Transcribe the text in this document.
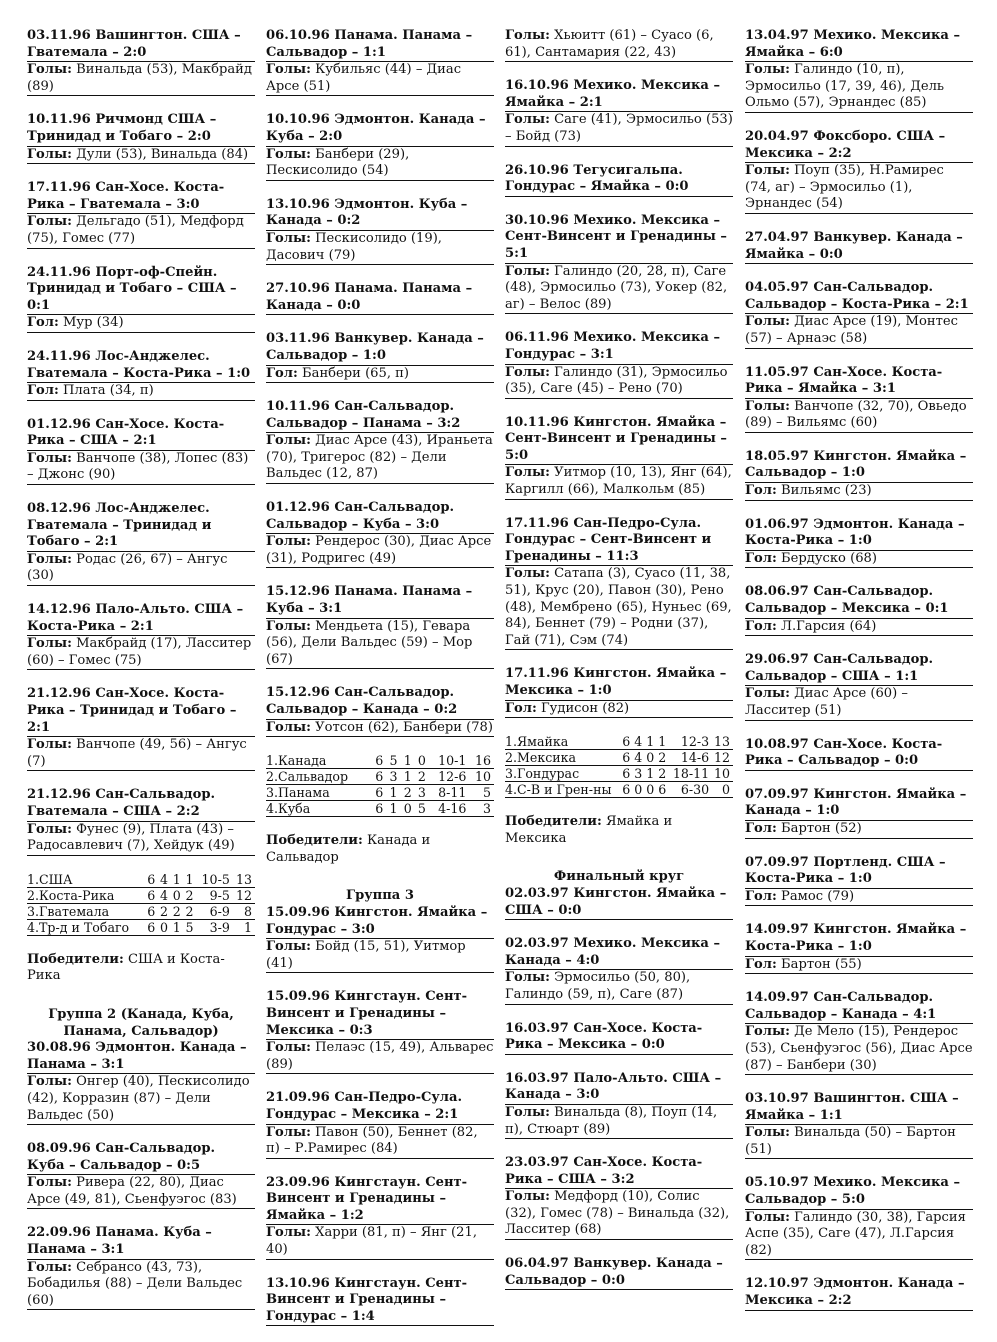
03.11.96 Вашингтон. США – Гватемала – 2:0
Голы: Винальда (53), Макбрайд (89)
10.11.96 Ричмонд США – Тринидад и Тобаго – 2:0
Голы: Дули (53), Винальда (84)
17.11.96 Сан-Хосе. Коста-Рика – Гватемала – 3:0
Голы: Дельгадо (51), Медфорд (75), Гомес (77)
24.11.96 Порт-оф-Спейн. Тринидад и Тобаго – США – 0:1
Гол: Мур (34)
24.11.96 Лос-Анджелес. Гватемала – Коста-Рика – 1:0
Гол: Плата (34, п)
01.12.96 Сан-Хосе. Коста-Рика – США – 2:1
Голы: Ванчопе (38), Лопес (83) – Джонс (90)
08.12.96 Лос-Анджелес. Гватемала – Тринидад и Тобаго – 2:1
Голы: Родас (26, 67) – Ангус (30)
14.12.96 Пало-Альто. США – Коста-Рика – 2:1
Голы: Макбрайд (17), Ласситер (60) – Гомес (75)
21.12.96 Сан-Хосе. Коста-Рика – Тринидад и Тобаго – 2:1
Голы: Ванчопе (49, 56) – Ангус (7)
21.12.96 Сан-Сальвадор. Гватемала – США – 2:2
Голы: Фунес (9), Плата (43) – Радосавлевич (7), Хейдук (49)
1.США	6	4	1	1	10-5	13
2.Коста-Рика	6	4	0	2	9-5	12
3.Гватемала	6	2	2	2	6-9	8
4.Тр-д и Тобаго	6	0	1	5	3-9	1
Победители: США и Коста-Рика
Группа 2 (Канада, Куба, Панама, Сальвадор)
30.08.96 Эдмонтон. Канада – Панама – 3:1
Голы: Онгер (40), Пескисолидо (42), Корразин (87) – Дели Вальдес (50)
08.09.96 Сан-Сальвадор. Куба – Сальвадор – 0:5
Голы: Ривера (22, 80), Диас Арсе (49, 81), Сьенфуэгос (83)
22.09.96 Панама. Куба – Панама – 3:1
Голы: Себрансо (43, 73), Бобадилья (88) – Дели Вальдес (60)
06.10.96 Панама. Панама – Сальвадор – 1:1
Голы: Кубильяс (44) – Диас Арсе (51)
10.10.96 Эдмонтон. Канада – Куба – 2:0
Голы: Банбери (29), Пескисолидо (54)
13.10.96 Эдмонтон. Куба – Канада – 0:2
Голы: Пескисолидо (19), Дасович (79)
27.10.96 Панама. Панама – Канада – 0:0
03.11.96 Ванкувер. Канада – Сальвадор – 1:0
Гол: Банбери (65, п)
10.11.96 Сан-Сальвадор. Сальвадор – Панама – 3:2
Голы: Диас Арсе (43), Ираньета (70), Тригерос (82) – Дели Вальдес (12, 87)
01.12.96 Сан-Сальвадор. Сальвадор – Куба – 3:0
Голы: Рендерос (30), Диас Арсе (31), Родригес (49)
15.12.96 Панама. Панама – Куба – 3:1
Голы: Мендьета (15), Гевара (56), Дели Вальдес (59) – Мор (67)
15.12.96 Сан-Сальвадор. Сальвадор – Канада – 0:2
Голы: Уотсон (62), Банбери (78)
1.Канада	6	5	1	0	10-1	16
2.Сальвадор	6	3	1	2	12-6	10
3.Панама	6	1	2	3	8-11	5
4.Куба	6	1	0	5	4-16	3
Победители: Канада и Сальвадор
Группа 3
15.09.96 Кингстон. Ямайка – Гондурас – 3:0
Голы: Бойд (15, 51), Уитмор (41)
15.09.96 Кингстаун. Сент-Винсент и Гренадины – Мексика – 0:3
Голы: Пелаэс (15, 49), Альварес (89)
21.09.96 Сан-Педро-Сула. Гондурас – Мексика – 2:1
Голы: Павон (50), Беннет (82, п) – Р.Рамирес (84)
23.09.96 Кингстаун. Сент-Винсент и Гренадины – Ямайка – 1:2
Голы: Харри (81, п) – Янг (21, 40)
13.10.96 Кингстаун. Сент-Винсент и Гренадины – Гондурас – 1:4
Голы: Хьюитт (61) – Суасо (6, 61), Сантамария (22, 43)
16.10.96 Мехико. Мексика – Ямайка – 2:1
Голы: Саге (41), Эрмосильо (53) – Бойд (73)
26.10.96 Тегусигальпа. Гондурас – Ямайка – 0:0
30.10.96 Мехико. Мексика – Сент-Винсент и Гренадины – 5:1
Голы: Галиндо (20, 28, п), Саге (48), Эрмосильо (73), Уокер (82, аг) – Велос (89)
06.11.96 Мехико. Мексика – Гондурас – 3:1
Голы: Галиндо (31), Эрмосильо (35), Саге (45) – Рено (70)
10.11.96 Кингстон. Ямайка – Сент-Винсент и Гренадины – 5:0
Голы: Уитмор (10, 13), Янг (64), Каргилл (66), Малкольм (85)
17.11.96 Сан-Педро-Сула. Гондурас – Сент-Винсент и Гренадины – 11:3
Голы: Сатапа (3), Суасо (11, 38, 51), Крус (20), Павон (30), Рено (48), Мембрено (65), Нуньес (69, 84), Беннет (79) – Родни (37), Гай (71), Сэм (74)
17.11.96 Кингстон. Ямайка – Мексика – 1:0
Гол: Гудисон (82)
1.Ямайка	6	4	1	1	12-3	13
2.Мексика	6	4	0	2	14-6	12
3.Гондурас	6	3	1	2	18-11	10
4.С-В и Грен-ны	6	0	0	6	6-30	0
Победители: Ямайка и Мексика
Финальный круг
02.03.97 Кингстон. Ямайка – США – 0:0
02.03.97 Мехико. Мексика – Канада – 4:0
Голы: Эрмосильо (50, 80), Галиндо (59, п), Саге (87)
16.03.97 Сан-Хосе. Коста-Рика – Мексика – 0:0
16.03.97 Пало-Альто. США – Канада – 3:0
Голы: Винальда (8), Поуп (14, п), Стюарт (89)
23.03.97 Сан-Хосе. Коста-Рика – США – 3:2
Голы: Медфорд (10), Солис (32), Гомес (78) – Винальда (32), Ласситер (68)
06.04.97 Ванкувер. Канада – Сальвадор – 0:0
13.04.97 Мехико. Мексика – Ямайка – 6:0
Голы: Галиндо (10, п), Эрмосильо (17, 39, 46), Дель Ольмо (57), Эрнандес (85)
20.04.97 Фоксборо. США – Мексика – 2:2
Голы: Поуп (35), Н.Рамирес (74, аг) – Эрмосильо (1), Эрнандес (54)
27.04.97 Ванкувер. Канада – Ямайка – 0:0
04.05.97 Сан-Сальвадор. Сальвадор – Коста-Рика – 2:1
Голы: Диас Арсе (19), Монтес (57) – Арнаэс (58)
11.05.97 Сан-Хосе. Коста-Рика – Ямайка – 3:1
Голы: Ванчопе (32, 70), Овьедо (89) – Вильямс (60)
18.05.97 Кингстон. Ямайка – Сальвадор – 1:0
Гол: Вильямс (23)
01.06.97 Эдмонтон. Канада – Коста-Рика – 1:0
Гол: Бердуско (68)
08.06.97 Сан-Сальвадор. Сальвадор – Мексика – 0:1
Гол: Л.Гарсия (64)
29.06.97 Сан-Сальвадор. Сальвадор – США – 1:1
Голы: Диас Арсе (60) – Ласситер (51)
10.08.97 Сан-Хосе. Коста-Рика – Сальвадор – 0:0
07.09.97 Кингстон. Ямайка – Канада – 1:0
Гол: Бартон (52)
07.09.97 Портленд. США – Коста-Рика – 1:0
Гол: Рамос (79)
14.09.97 Кингстон. Ямайка – Коста-Рика – 1:0
Гол: Бартон (55)
14.09.97 Сан-Сальвадор. Сальвадор – Канада – 4:1
Голы: Де Мело (15), Рендерос (53), Сьенфуэгос (56), Диас Арсе (87) – Банбери (30)
03.10.97 Вашингтон. США – Ямайка – 1:1
Голы: Винальда (50) – Бартон (51)
05.10.97 Мехико. Мексика – Сальвадор – 5:0
Голы: Галиндо (30, 38), Гарсия Аспе (35), Саге (47), Л.Гарсия (82)
12.10.97 Эдмонтон. Канада – Мексика – 2:2
